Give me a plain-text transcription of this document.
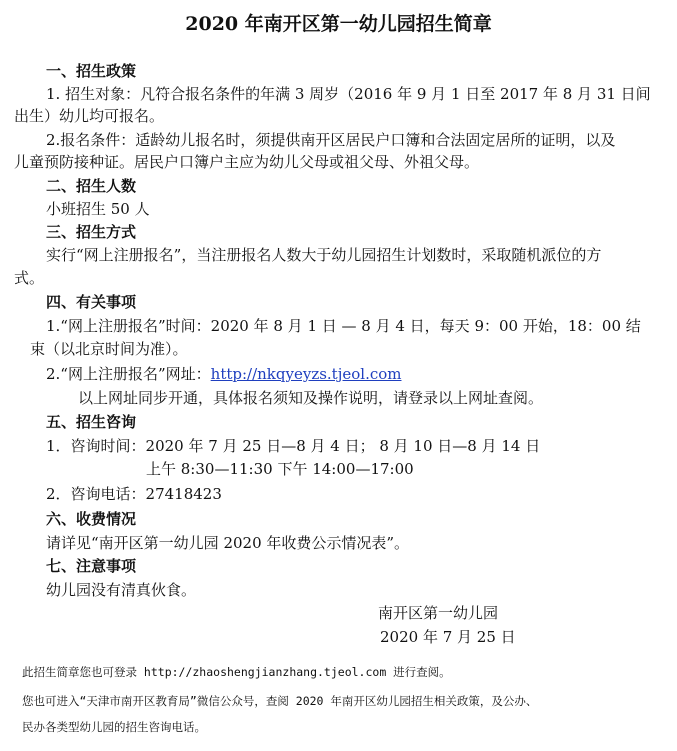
2020 年南开区第一幼儿园招生简章
一、招生政策
1. 招生对象：凡符合报名条件的年满 3 周岁（2016 年 9 月 1 日至 2017 年 8 月 31 日间
出生）幼儿均可报名。
2.报名条件：适龄幼儿报名时，须提供南开区居民户口簿和合法固定居所的证明，以及
儿童预防接种证。居民户口簿户主应为幼儿父母或祖父母、外祖父母。
二、招生人数
小班招生 50 人
三、招生方式
实行“网上注册报名”，当注册报名人数大于幼儿园招生计划数时，采取随机派位的方
式。
四、有关事项
1.“网上注册报名”时间：2020 年 8 月 1 日 — 8 月 4 日，每天 9：00 开始，18：00 结
束（以北京时间为准）。
2.“网上注册报名”网址：http://nkqyeyzs.tjeol.com
以上网址同步开通，具体报名须知及操作说明，请登录以上网址查阅。
五、招生咨询
1．咨询时间：2020 年 7 月 25 日—8 月 4 日； 8 月 10 日—8 月 14 日
上午 8:30—11:30 下午 14:00—17:00
2．咨询电话：27418423
六、收费情况
请详见“南开区第一幼儿园 2020 年收费公示情况表”。
七、注意事项
幼儿园没有清真伙食。
南开区第一幼儿园
2020 年 7 月 25 日
此招生简章您也可登录 http://zhaoshengjianzhang.tjeol.com 进行查阅。
您也可进入“天津市南开区教育局”微信公众号，查阅 2020 年南开区幼儿园招生相关政策，及公办、
民办各类型幼儿园的招生咨询电话。
